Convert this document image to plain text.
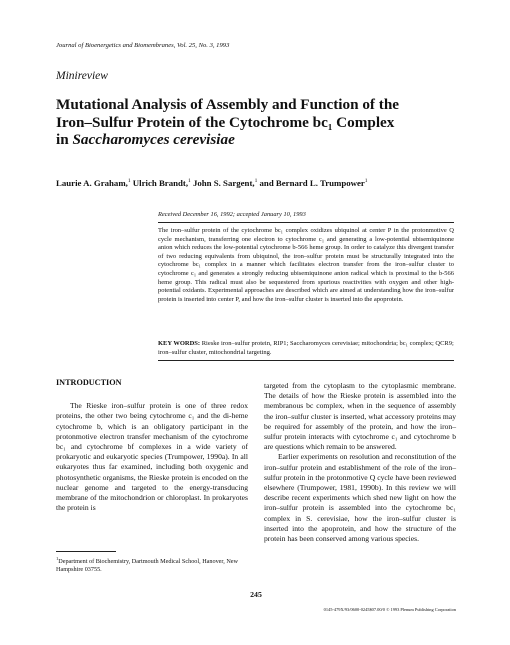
Journal of Bioenergetics and Biomembranes, Vol. 25, No. 3, 1993
Minireview
Mutational Analysis of Assembly and Function of the
Iron–Sulfur Protein of the Cytochrome bc₁ Complex
in Saccharomyces cerevisiae
Laurie A. Graham,$^1$ Ulrich Brandt,$^1$ John S. Sargent,$^1$ and Bernard L. Trumpower$^1$
Received December 16, 1992; accepted January 10, 1993
The iron–sulfur protein of the cytochrome bc₁ complex oxidizes ubiquinol at center P in the protonmotive Q cycle mechanism, transferring one electron to cytochrome c₁ and generating a low-potential ubisemiquinone anion which reduces the low-potential cytochrome b-566 heme group. In order to catalyze this divergent transfer of two reducing equivalents from ubiquinol, the iron–sulfur protein must be structurally integrated into the cytochrome bc₁ complex in a manner which facilitates electron transfer from the iron–sulfur cluster to cytochrome c₁ and generates a strongly reducing ubisemiquinone anion radical which is proximal to the b-566 heme group. This radical must also be sequestered from spurious reactivities with oxygen and other high-potential oxidants. Experimental approaches are described which are aimed at understanding how the iron–sulfur protein is inserted into center P, and how the iron–sulfur cluster is inserted into the apoprotein.
KEY WORDS: Rieske iron–sulfur protein, RIP1; Saccharomyces cerevisiae; mitochondria; bc₁ complex; QCR9; iron–sulfur cluster, mitochondrial targeting.
INTRODUCTION

The Rieske iron–sulfur protein is one of three redox proteins, the other two being cytochrome c₁ and the di-heme cytochrome b, which is an obligatory participant in the protonmotive electron transfer mechanism of the cytochrome bc₁ and cytochrome bf complexes in a wide variety of prokaryotic and eukaryotic species (Trumpower, 1990a). In all eukaryotes thus far examined, including both oxygenic and photosynthetic organisms, the Rieske protein is encoded on the nuclear genome and targeted to the energy-transducing membrane of the mitochondrion or chloroplast. In prokaryotes the protein is

targeted from the cytoplasm to the cytoplasmic membrane. The details of how the Rieske protein is assembled into the membranous bc complex, when in the sequence of assembly the iron–sulfur cluster is inserted, what accessory proteins may be required for assembly of the protein, and how the iron–sulfur protein interacts with cytochrome c₁ and cytochrome b are questions which remain to be answered.

Earlier experiments on resolution and reconstitution of the iron–sulfur protein and establishment of the role of the iron–sulfur protein in the protonmotive Q cycle have been reviewed elsewhere (Trumpower, 1981, 1990b). In this review we will describe recent experiments which shed new light on how the iron–sulfur protein is assembled into the cytochrome bc₁ complex in S. cerevisiae, how the iron–sulfur cluster is inserted into the apoprotein, and how the structure of the protein has been conserved among various species.

$^1$Department of Biochemistry, Dartmouth Medical School, Hanover, New Hampshire 03755.
245
0145-479X/93/0600-0245$07.00/0 © 1993 Plenum Publishing Corporation
